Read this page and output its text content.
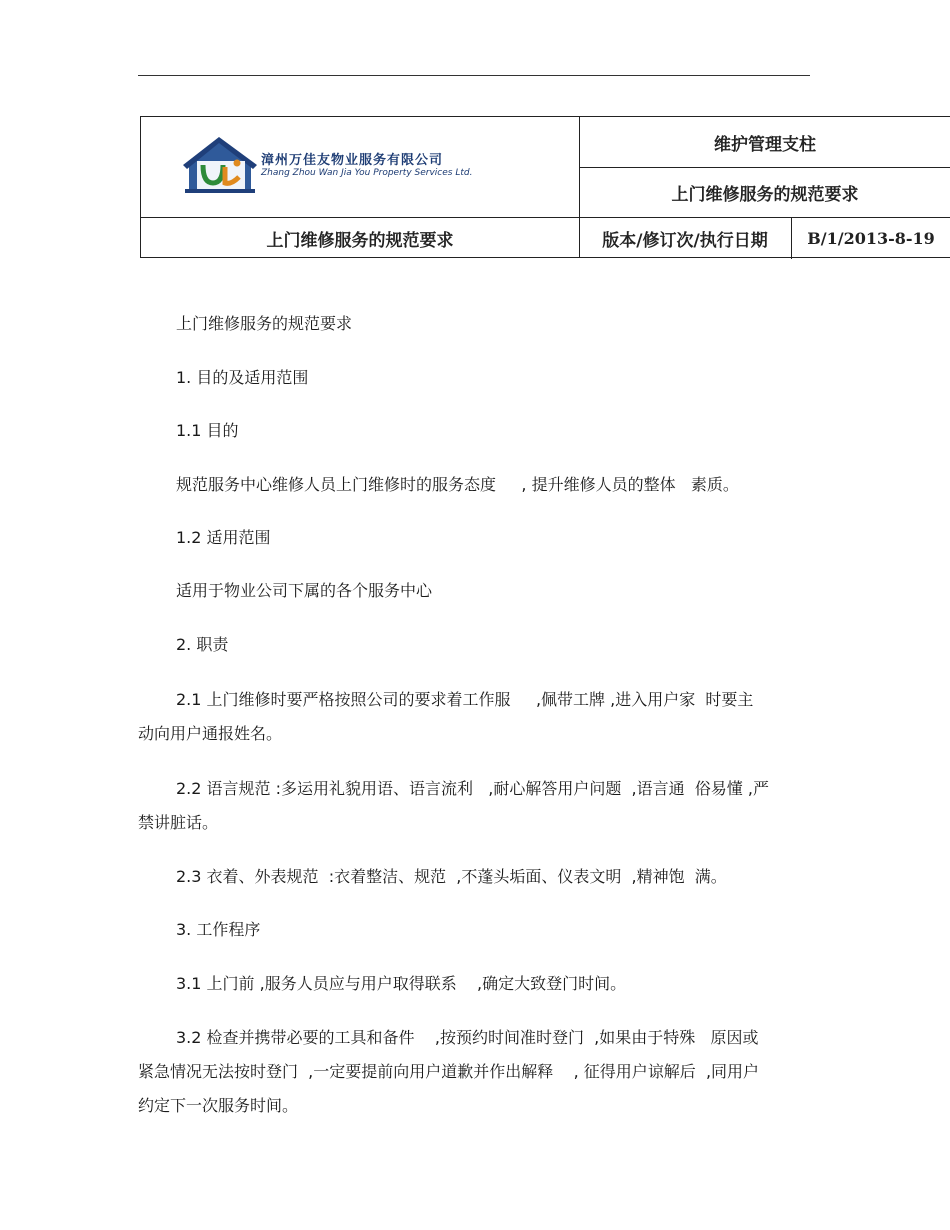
漳州万佳友物业服务有限公司
Zhang Zhou Wan Jia You Property Services Ltd.
维护管理支柱
上门维修服务的规范要求
上门维修服务的规范要求	版本/修订次/执行日期	B/1/2013-8-19
上门维修服务的规范要求
1. 目的及适用范围
1.1 目的
规范服务中心维修人员上门维修时的服务态度     , 提升维修人员的整体   素质。
1.2 适用范围
适用于物业公司下属的各个服务中心
2. 职责
2.1 上门维修时要严格按照公司的要求着工作服     ,佩带工牌 ,进入用户家  时要主
动向用户通报姓名。
2.2 语言规范 :多运用礼貌用语、语言流利   ,耐心解答用户问题  ,语言通  俗易懂 ,严
禁讲脏话。
2.3 衣着、外表规范  :衣着整洁、规范  ,不蓬头垢面、仪表文明  ,精神饱  满。
3. 工作程序
3.1 上门前 ,服务人员应与用户取得联系    ,确定大致登门时间。
3.2 检查并携带必要的工具和备件    ,按预约时间准时登门  ,如果由于特殊   原因或
紧急情况无法按时登门  ,一定要提前向用户道歉并作出解释    , 征得用户谅解后  ,同用户
约定下一次服务时间。
